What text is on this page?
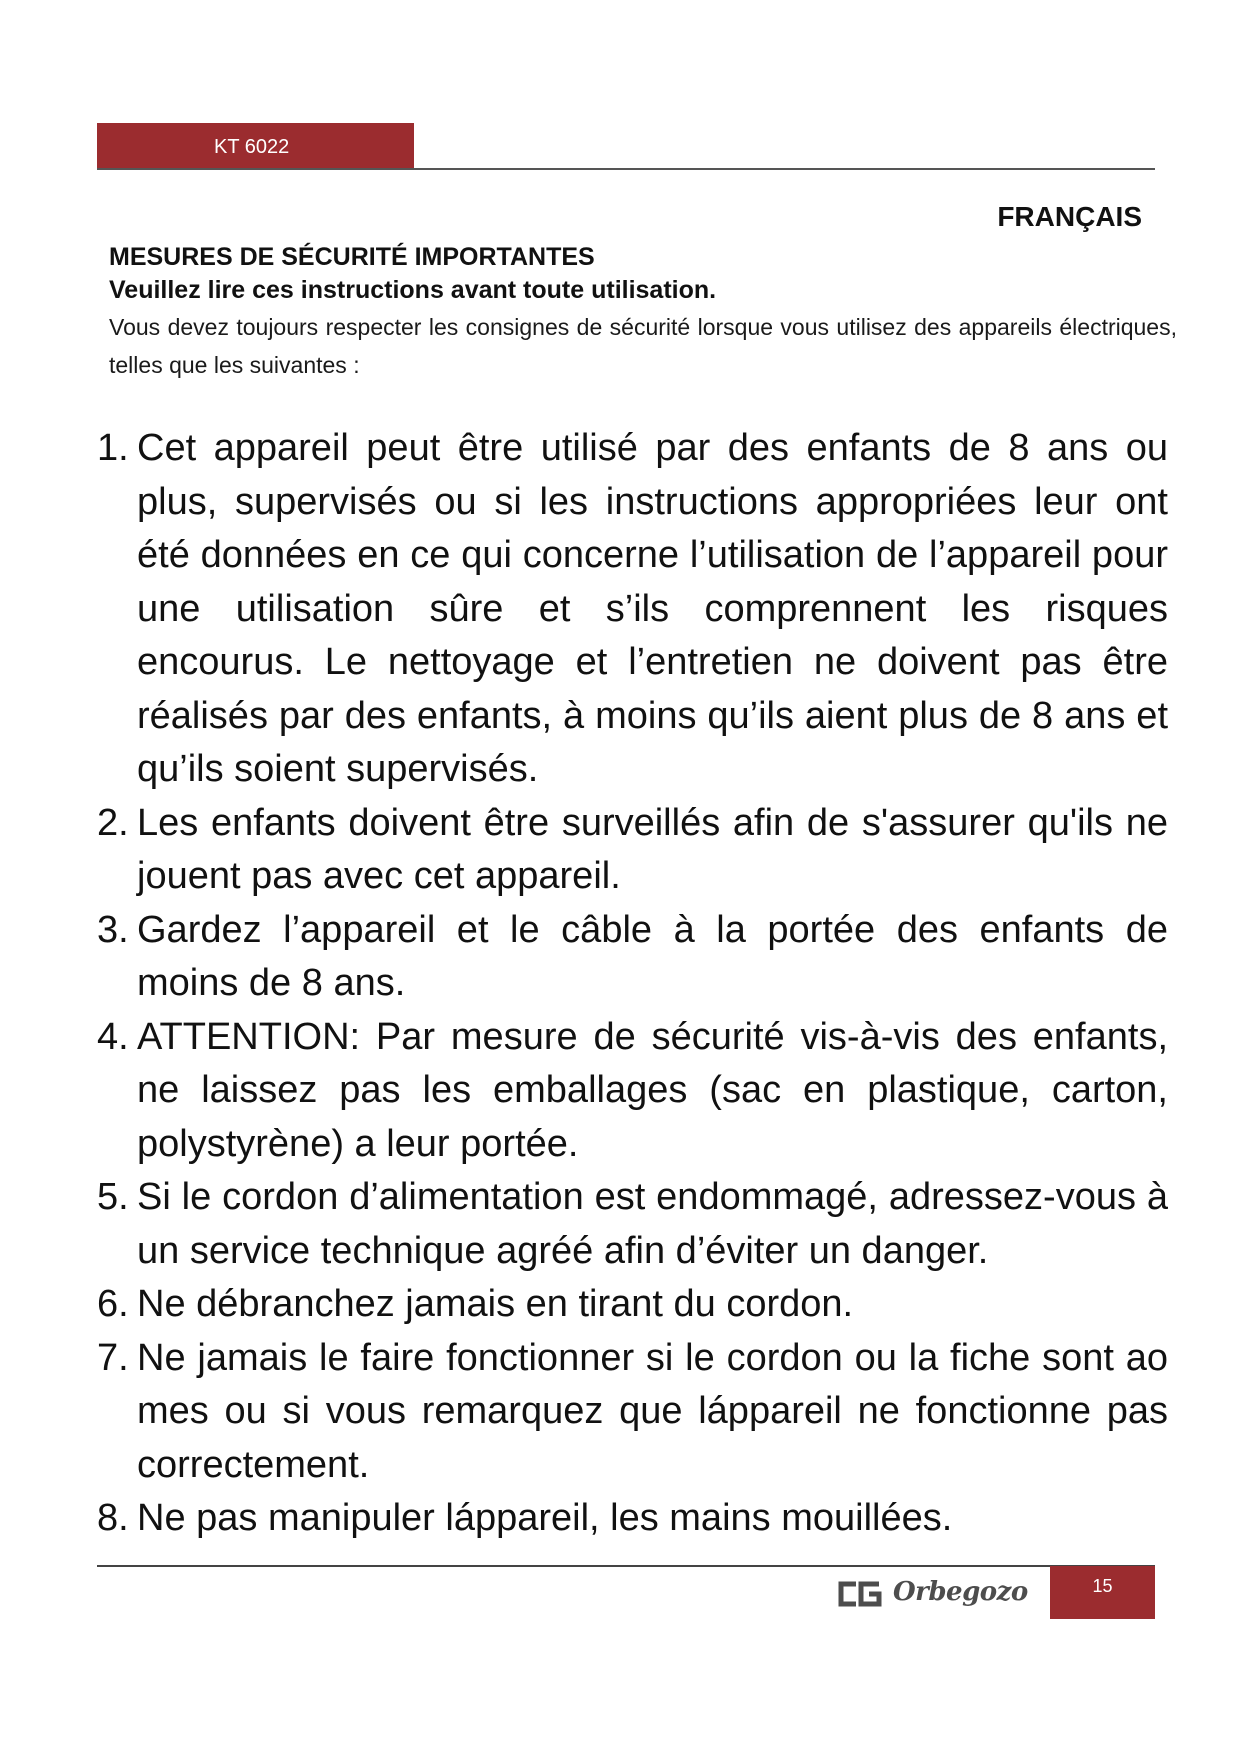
KT 6022
FRANÇAIS
MESURES DE SÉCURITÉ IMPORTANTES
Veuillez lire ces instructions avant toute utilisation.

Vous devez toujours respecter les consignes de sécurité lorsque vous utilisez des appareils électriques, telles que les suivantes :

1. Cet appareil peut être utilisé par des enfants de 8 ans ou plus, supervisés ou si les instructions appropriées leur ont été données en ce qui concerne l’utilisation de l’appareil pour une utilisation sûre et s’ils comprennent les risques encourus. Le nettoyage et l’entretien ne doivent pas être réalisés par des enfants, à moins qu’ils aient plus de 8 ans et qu’ils soient supervisés.
2. Les enfants doivent être surveillés afin de s'assurer qu'ils ne jouent pas avec cet appareil.
3. Gardez l’appareil et le câble à la portée des enfants de moins de 8 ans.
4. ATTENTION: Par mesure de sécurité vis-à-vis des enfants, ne laissez pas les emballages (sac en plastique, carton, polystyrène) a leur portée.
5. Si le cordon d’alimentation est endommagé, adressez-vous à un service technique agréé afin d’éviter un danger.
6. Ne débranchez jamais en tirant du cordon.
7. Ne jamais le faire fonctionner si le cordon ou la fiche sont ao mes ou si vous remarquez que láppareil ne fonctionne pas correctement.
8. Ne pas manipuler láppareil, les mains mouillées.
Orbegozo	15
